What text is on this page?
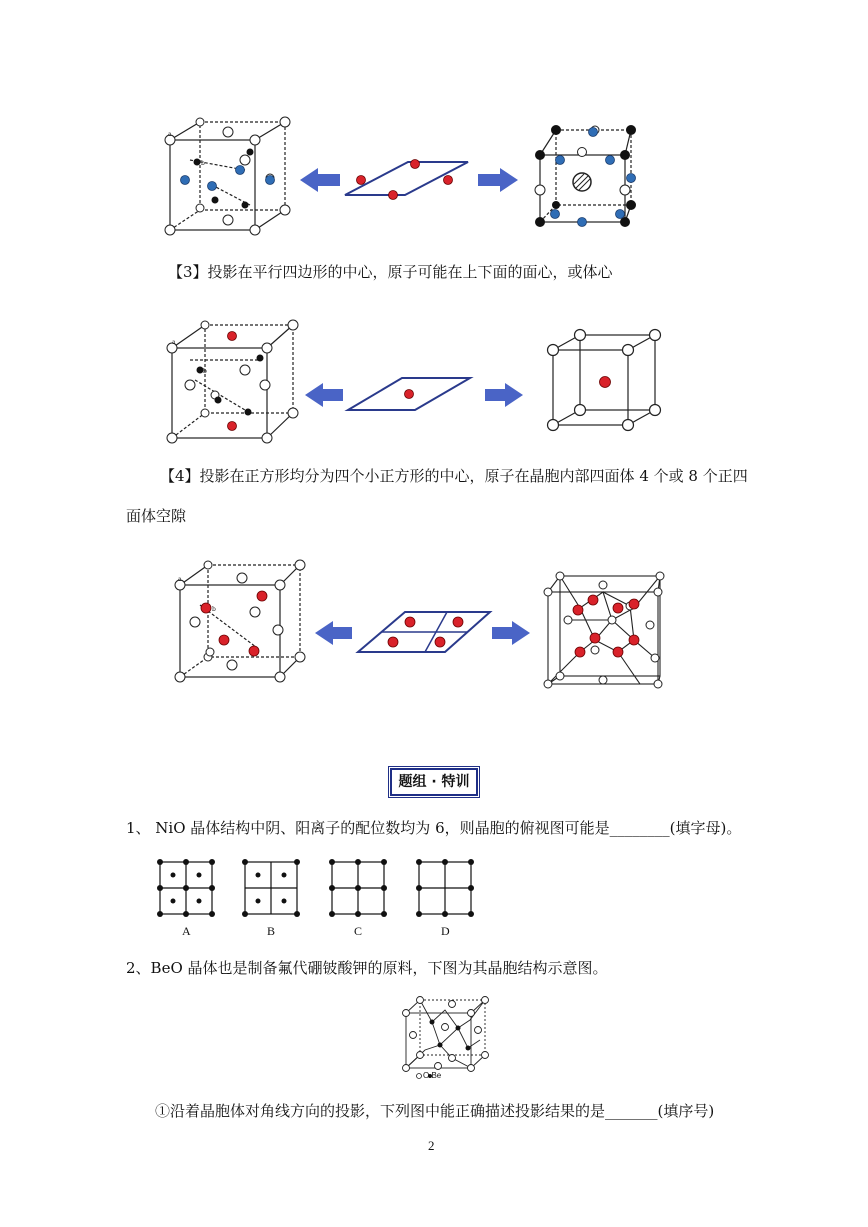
a
b
【3】投影在平行四边形的中心，原子可能在上下面的面心，或体心
a
b
【4】投影在正方形均分为四个小正方形的中心，原子在晶胞内部四面体 4 个或 8 个正四
面体空隙
a
b
题组 · 特训
1、 NiO 晶体结构中阴、阳离子的配位数均为 6，则晶胞的俯视图可能是________(填字母)。
A	B	C	D
2、BeO 晶体也是制备氟代硼铍酸钾的原料，下图为其晶胞结构示意图。
O Be
①沿着晶胞体对角线方向的投影，下列图中能正确描述投影结果的是_______(填序号)
2
